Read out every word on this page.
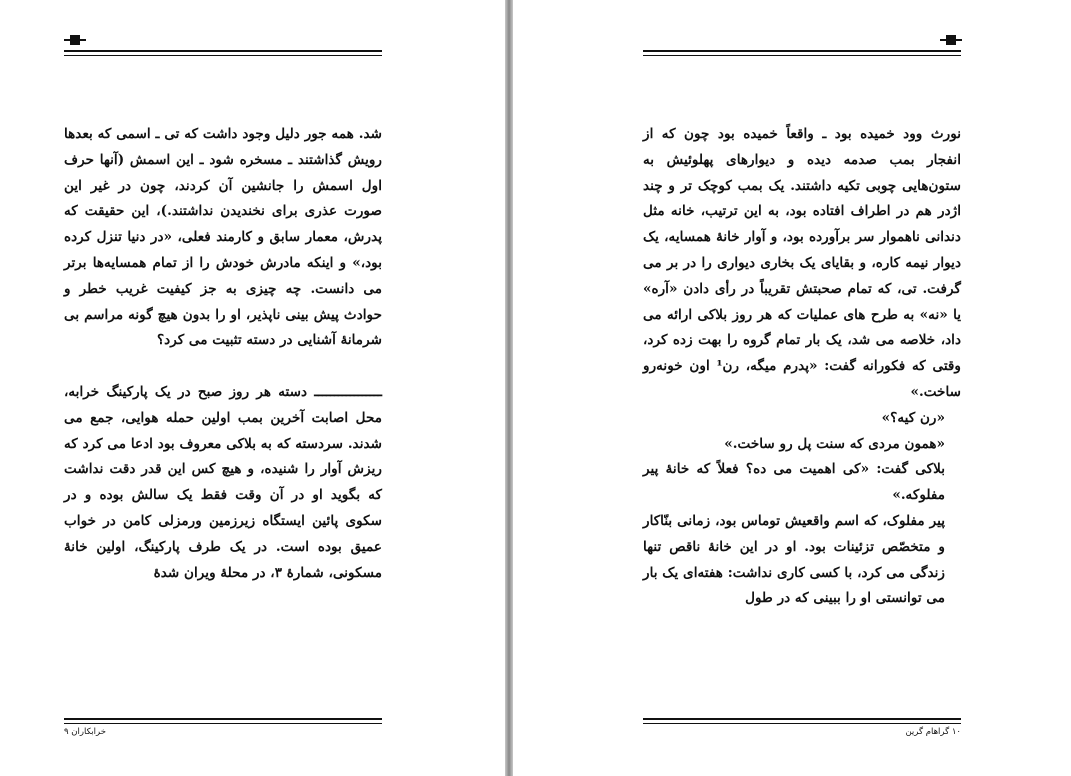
شد. همه جور دلیل وجود داشت که تی ـ اسمی که بعدها رویش گذاشتند ـ مسخره شود ـ این اسمش (آنها حرف اول اسمش را جانشین آن کردند، چون در غیر این صورت عذری برای نخندیدن نداشتند.)، این حقیقت که پدرش، معمار سابق و کارمند فعلی، «در دنیا تنزل کرده بود،» و اینکه مادرش خودش را از تمام همسایه‌ها برتر می دانست. چه چیزی به جز کیفیت غریب خطر و حوادث پیش بینی ناپذیر، او را بدون هیچ گونه مراسم بی شرمانهٔ آشنایی در دسته تثبیت می کرد؟

ـــــــــــــــــ دسته هر روز صبح در یک پارکینگ خرابه، محل اصابت آخرین بمب اولین حمله هوایی، جمع می شدند. سردسته که به بلاکی معروف بود ادعا می کرد که ریزش آوار را شنیده، و هیچ کس این قدر دقت نداشت که بگوید او در آن وقت فقط یک سالش بوده و در سکوی پائین ایستگاه زیرزمین ورمزلی کامن در خواب عمیق بوده است. در یک طرف پارکینگ، اولین خانهٔ مسکونی، شمارهٔ ۳، در محلهٔ ویران شدهٔ

خرابکاران ۹

نورث وود خمیده بود ـ واقعاً خمیده بود چون که از انفجار بمب صدمه دیده و دیوارهای پهلوئیش به ستون‌هایی چوبی تکیه داشتند. یک بمب کوچک تر و چند اژدر هم در اطراف افتاده بود، به این ترتیب، خانه مثل دندانی ناهموار سر برآورده بود، و آوار خانهٔ همسایه، یک دیوار نیمه کاره، و بقایای یک بخاری دیواری را در بر می گرفت. تی، که تمام صحبتش تقریباً در رأی دادن «آره» یا «نه» به طرح های عملیات که هر روز بلاکی ارائه می داد، خلاصه می شد، یک بار تمام گروه را بهت زده کرد، وقتی که فکورانه گفت: «پدرم میگه، رن¹ اون خونه‌رو ساخت.»

«رن کیه؟»

«همون مردی که سنت پل رو ساخت.»

بلاکی گفت: «کی اهمیت می ده؟ فعلاً که خانهٔ پیر مفلوکه.»

پیر مفلوک، که اسم واقعیش توماس بود، زمانی بنّاکار و متخصّص تزئینات بود. او در این خانهٔ ناقص تنها زندگی می کرد، با کسی کاری نداشت: هفته‌ای یک بار می توانستی او را ببینی که در طول

۱۰ گراهام گرین
